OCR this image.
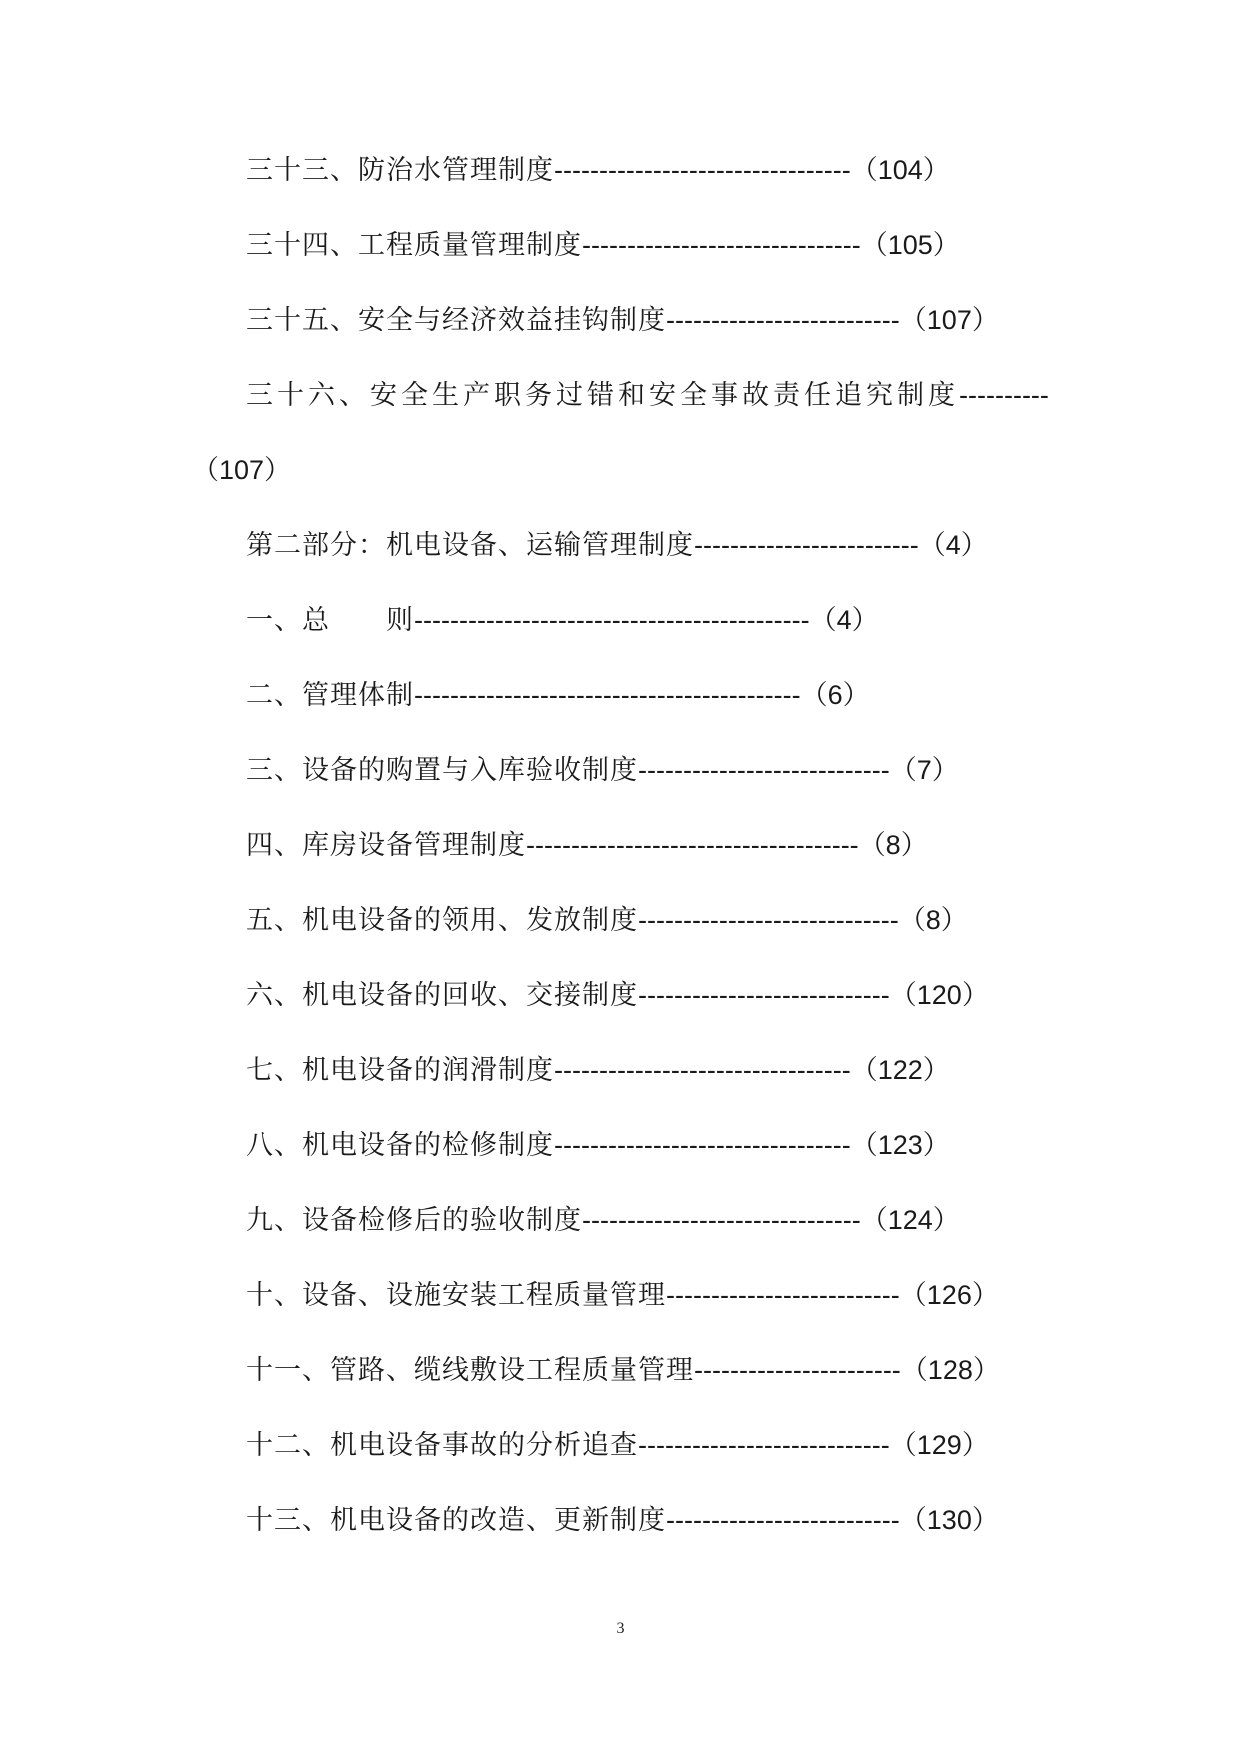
三十三、防治水管理制度---------------------------------（104）
三十四、工程质量管理制度-------------------------------（105）
三十五、安全与经济效益挂钩制度--------------------------（107）
三十六、安全生产职务过错和安全事故责任追究制度----------
（107）
第二部分：机电设备、运输管理制度-------------------------（4）
一、总　　则--------------------------------------------（4）
二、管理体制-------------------------------------------（6）
三、设备的购置与入库验收制度----------------------------（7）
四、库房设备管理制度-------------------------------------（8）
五、机电设备的领用、发放制度-----------------------------（8）
六、机电设备的回收、交接制度----------------------------（120）
七、机电设备的润滑制度---------------------------------（122）
八、机电设备的检修制度---------------------------------（123）
九、设备检修后的验收制度-------------------------------（124）
十、设备、设施安装工程质量管理--------------------------（126）
十一、管路、缆线敷设工程质量管理-----------------------（128）
十二、机电设备事故的分析追查----------------------------（129）
十三、机电设备的改造、更新制度--------------------------（130）
3
